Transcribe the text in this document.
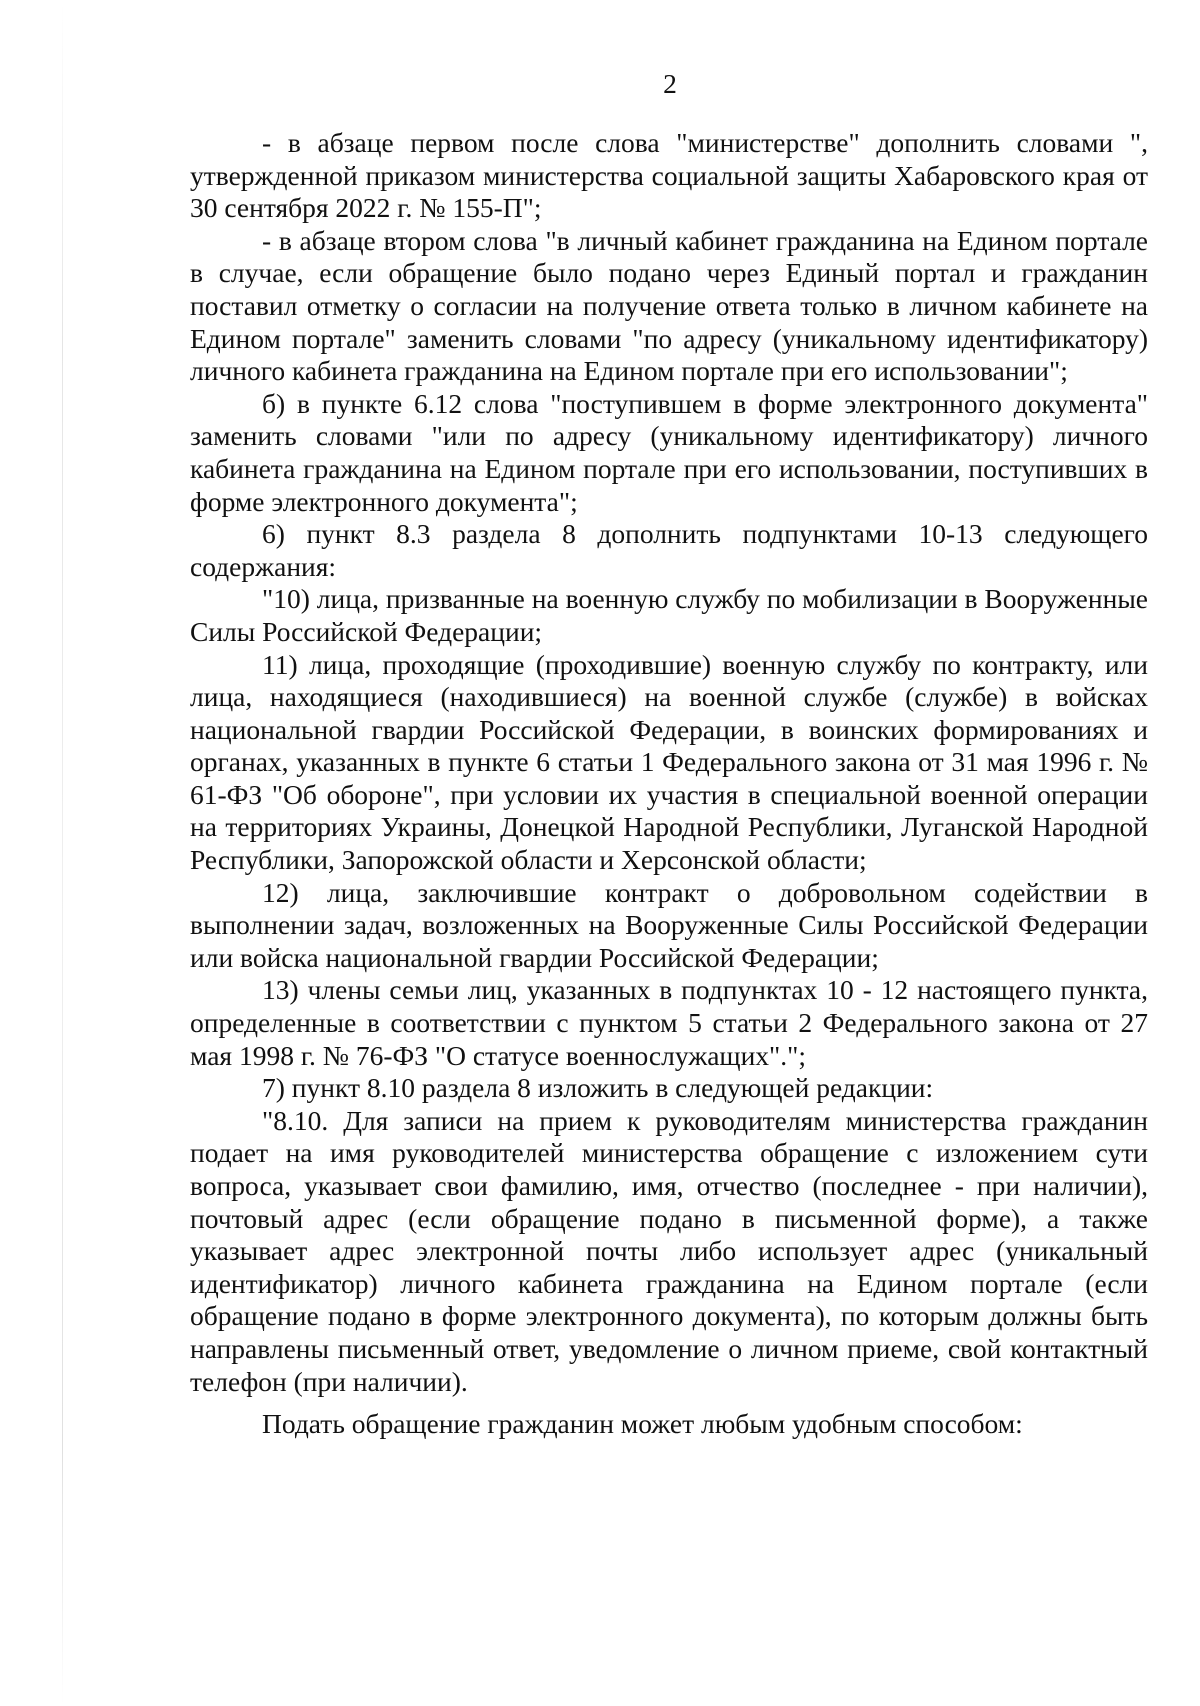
2

- в абзаце первом после слова "министерстве" дополнить словами ", утвержденной приказом министерства социальной защиты Хабаровского края от 30 сентября 2022 г. № 155-П";

- в абзаце втором слова "в личный кабинет гражданина на Едином портале в случае, если обращение было подано через Единый портал и гражданин поставил отметку о согласии на получение ответа только в личном кабинете на Едином портале" заменить словами "по адресу (уникальному идентификатору) личного кабинета гражданина на Едином портале при его использовании";

б) в пункте 6.12 слова "поступившем в форме электронного документа" заменить словами "или по адресу (уникальному идентификатору) личного кабинета гражданина на Едином портале при его использовании, поступивших в форме электронного документа";

6) пункт 8.3 раздела 8 дополнить подпунктами 10-13 следующего содержания:

"10) лица, призванные на военную службу по мобилизации в Вооруженные Силы Российской Федерации;

11) лица, проходящие (проходившие) военную службу по контракту, или лица, находящиеся (находившиеся) на военной службе (службе) в войсках национальной гвардии Российской Федерации, в воинских формированиях и органах, указанных в пункте 6 статьи 1 Федерального закона от 31 мая 1996 г. № 61-ФЗ "Об обороне", при условии их участия в специальной военной операции на территориях Украины, Донецкой Народной Республики, Луганской Народной Республики, Запорожской области и Херсонской области;

12) лица, заключившие контракт о добровольном содействии в выполнении задач, возложенных на Вооруженные Силы Российской Федерации или войска национальной гвардии Российской Федерации;

13) члены семьи лиц, указанных в подпунктах 10 - 12 настоящего пункта, определенные в соответствии с пунктом 5 статьи 2 Федерального закона от 27 мая 1998 г. № 76-ФЗ "О статусе военнослужащих".";

7) пункт 8.10 раздела 8 изложить в следующей редакции:

"8.10. Для записи на прием к руководителям министерства гражданин подает на имя руководителей министерства обращение с изложением сути вопроса, указывает свои фамилию, имя, отчество (последнее - при наличии), почтовый адрес (если обращение подано в письменной форме), а также указывает адрес электронной почты либо использует адрес (уникальный идентификатор) личного кабинета гражданина на Едином портале (если обращение подано в форме электронного документа), по которым должны быть направлены письменный ответ, уведомление о личном приеме, свой контактный телефон (при наличии).

Подать обращение гражданин может любым удобным способом:
